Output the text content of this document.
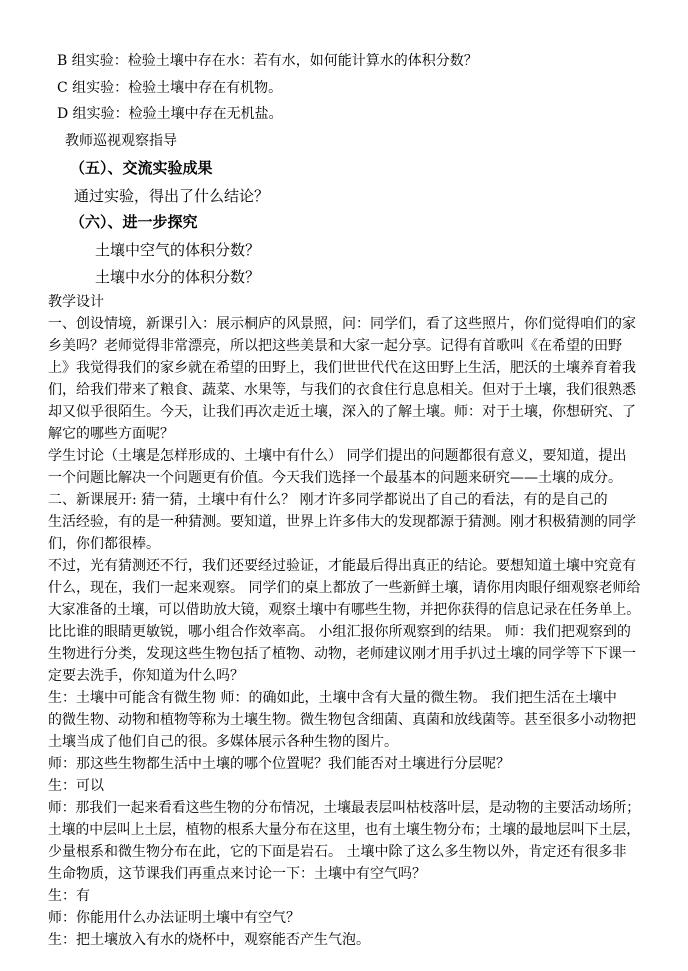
B 组实验：检验土壤中存在水：若有水，如何能计算水的体积分数？
C 组实验：检验土壤中存在有机物。
D 组实验：检验土壤中存在无机盐。
教师巡视观察指导
（五）、交流实验成果
通过实验，得出了什么结论？
（六）、进一步探究
土壤中空气的体积分数？
土壤中水分的体积分数？
教学设计
一、创设情境，新课引入：展示桐庐的风景照，问：同学们，看了这些照片，你们觉得咱们的家
乡美吗？老师觉得非常漂亮，所以把这些美景和大家一起分享。记得有首歌叫《在希望的田野
上》我觉得我们的家乡就在希望的田野上，我们世世代代在这田野上生活，肥沃的土壤养育着我
们，给我们带来了粮食、蔬菜、水果等，与我们的衣食住行息息相关。但对于土壤，我们很熟悉
却又似乎很陌生。今天，让我们再次走近土壤，深入的了解土壤。师：对于土壤，你想研究、了
解它的哪些方面呢？
学生讨论（土壤是怎样形成的、土壤中有什么） 同学们提出的问题都很有意义，要知道，提出
一个问题比解决一个问题更有价值。今天我们选择一个最基本的问题来研究——土壤的成分。
二、新课展开: 猜一猜，土壤中有什么？ 刚才许多同学都说出了自己的看法，有的是自己的
生活经验，有的是一种猜测。要知道，世界上许多伟大的发现都源于猜测。刚才积极猜测的同学
们，你们都很棒。
不过，光有猜测还不行，我们还要经过验证，才能最后得出真正的结论。要想知道土壤中究竟有
什么，现在，我们一起来观察。 同学们的桌上都放了一些新鲜土壤，请你用肉眼仔细观察老师给
大家准备的土壤，可以借助放大镜，观察土壤中有哪些生物，并把你获得的信息记录在任务单上。
比比谁的眼睛更敏锐，哪小组合作效率高。 小组汇报你所观察到的结果。 师：我们把观察到的
生物进行分类，发现这些生物包括了植物、动物，老师建议刚才用手扒过土壤的同学等下下课一
定要去洗手，你知道为什么吗？
生：土壤中可能含有微生物 师：的确如此，土壤中含有大量的微生物。 我们把生活在土壤中
的微生物、动物和植物等称为土壤生物。微生物包含细菌、真菌和放线菌等。甚至很多小动物把
土壤当成了他们自己的很。多媒体展示各种生物的图片。
师：那这些生物都生活中土壤的哪个位置呢？我们能否对土壤进行分层呢？
生：可以
师：那我们一起来看看这些生物的分布情况，土壤最表层叫枯枝落叶层，是动物的主要活动场所；
土壤的中层叫上土层，植物的根系大量分布在这里，也有土壤生物分布；土壤的最地层叫下土层，
少量根系和微生物分布在此，它的下面是岩石。 土壤中除了这么多生物以外，肯定还有很多非
生命物质，这节课我们再重点来讨论一下：土壤中有空气吗？
生：有
师：你能用什么办法证明土壤中有空气？
生：把土壤放入有水的烧杯中，观察能否产生气泡。
